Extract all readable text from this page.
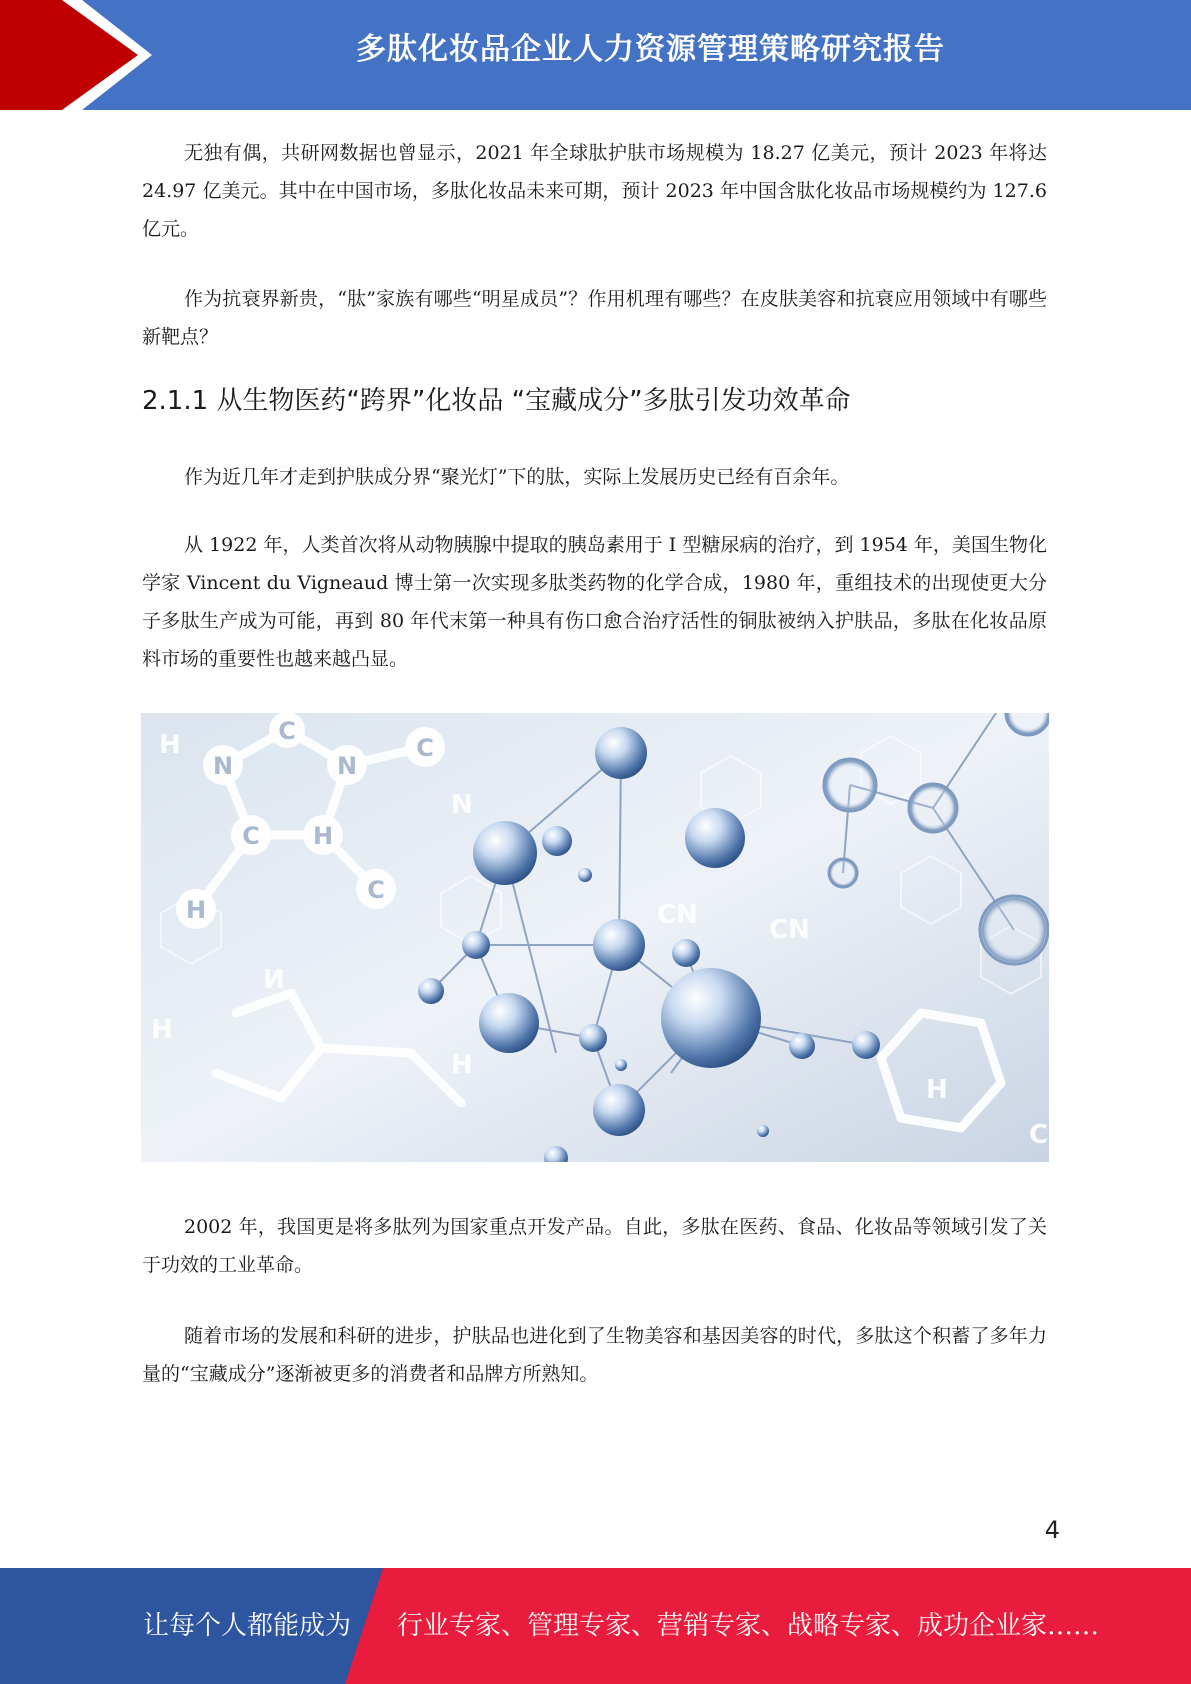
多肽化妆品企业人力资源管理策略研究报告

无独有偶，共研网数据也曾显示，2021 年全球肽护肤市场规模为 18.27 亿美元，预计 2023 年将达 24.97 亿美元。其中在中国市场，多肽化妆品未来可期，预计 2023 年中国含肽化妆品市场规模约为 127.6 亿元。

作为抗衰界新贵，“肽”家族有哪些“明星成员”？作用机理有哪些？在皮肤美容和抗衰应用领域中有哪些新靶点？

2.1.1 从生物医药“跨界”化妆品 “宝藏成分”多肽引发功效革命

作为近几年才走到护肤成分界“聚光灯”下的肽，实际上发展历史已经有百余年。

从 1922 年，人类首次将从动物胰腺中提取的胰岛素用于 I 型糖尿病的治疗，到 1954 年，美国生物化学家 Vincent du Vigneaud 博士第一次实现多肽类药物的化学合成，1980 年，重组技术的出现使更大分子多肽生产成为可能，再到 80 年代末第一种具有伤口愈合治疗活性的铜肽被纳入护肤品，多肽在化妆品原料市场的重要性也越来越凸显。

N
C
N
H
C
H
C
C
H
N
H
CN	CN
H
C
И
H

2002 年，我国更是将多肽列为国家重点开发产品。自此，多肽在医药、食品、化妆品等领域引发了关于功效的工业革命。

随着市场的发展和科研的进步，护肤品也进化到了生物美容和基因美容的时代，多肽这个积蓄了多年力量的“宝藏成分”逐渐被更多的消费者和品牌方所熟知。

4
让每个人都能成为 行业专家、管理专家、营销专家、战略专家、成功企业家……
